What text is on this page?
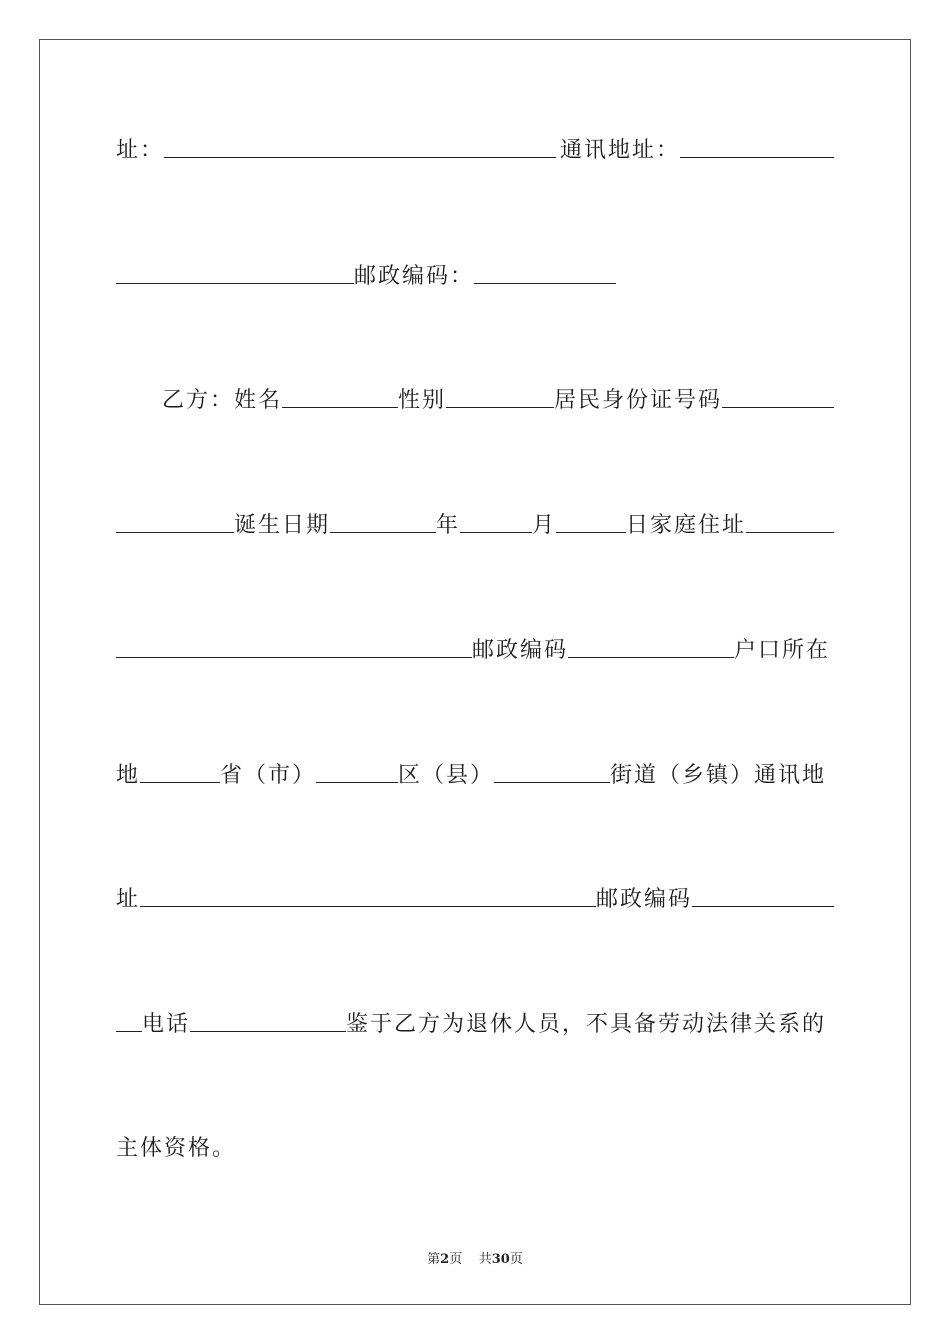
址：	通讯地址：
邮政编码：
乙方：姓名	性别	居民身份证号码
诞生日期	年	月	日家庭住址
邮政编码	户口所在
地	省（市）	区（县）	街道（乡镇）通讯地
址	邮政编码
电话	鉴于乙方为退休人员，不具备劳动法律关系的
主体资格。
第2页 共30页
